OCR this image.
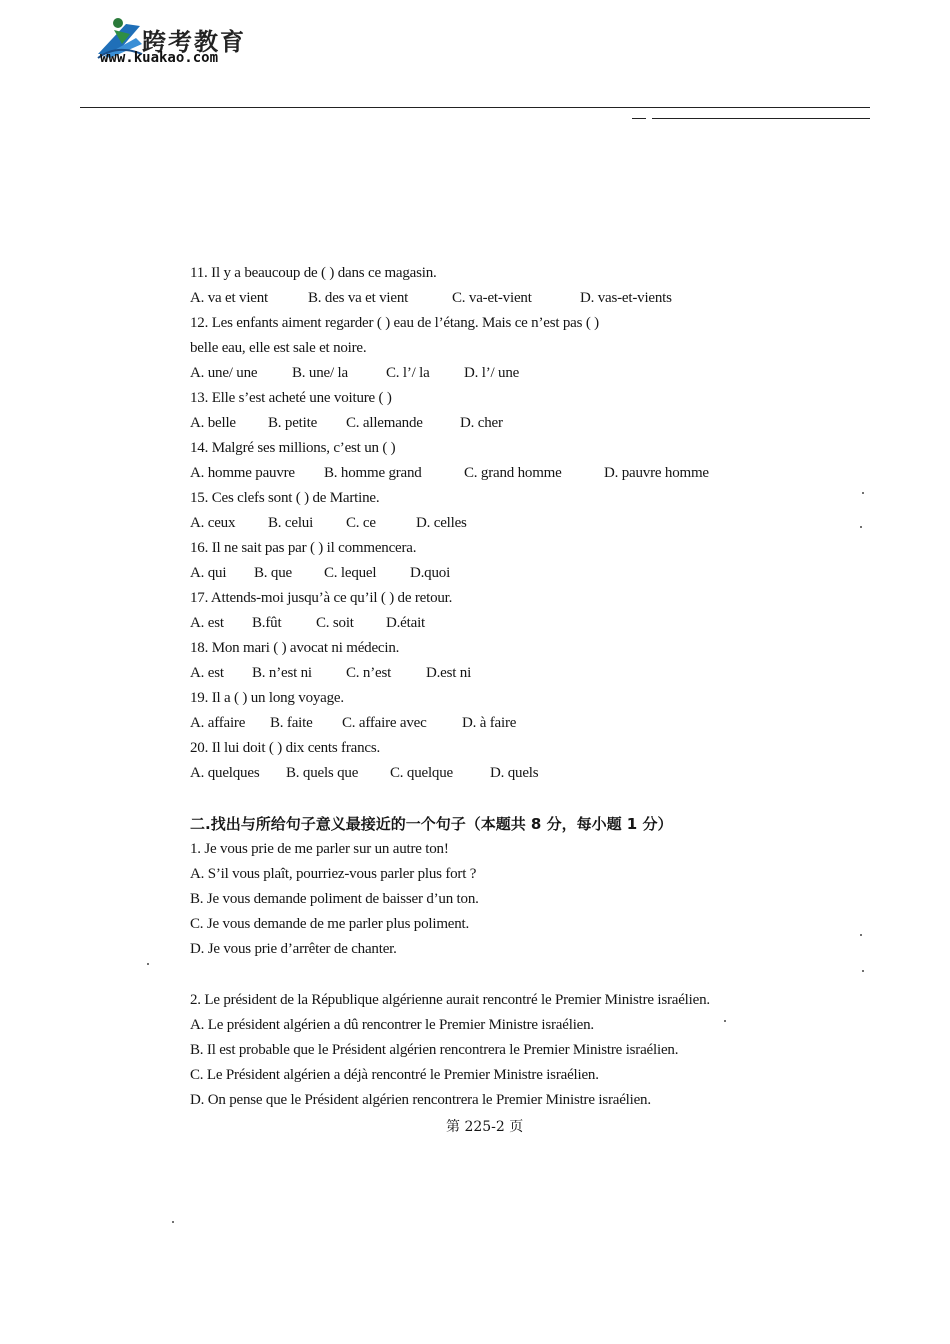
跨考教育
www.kuakao.com
11. Il y a beaucoup de ( ) dans ce magasin.
A. va et vient	B. des va et vient	C. va-et-vient	D. vas-et-vients
12. Les enfants aiment regarder ( ) eau de l’étang. Mais ce n’est pas ( )
belle eau, elle est sale et noire.
A. une/ une B. une/ la	C. l’/ la D. l’/ une
13. Elle s’est acheté une voiture ( )
A. belle B. petite C. allemande D. cher
14. Malgré ses millions, c’est un ( )
A. homme pauvre B. homme grand	C. grand homme	D. pauvre homme
15. Ces clefs sont ( ) de Martine.
A. ceux B. celui C. ce	D. celles
16. Il ne sait pas par ( ) il commencera.
A. qui B. que C. lequel D.quoi
17. Attends-moi jusqu’à ce qu’il ( ) de retour.
A. est B.fût C. soit D.était
18. Mon mari ( ) avocat ni médecin.
A. est B. n’est ni C. n’est D.est ni
19. Il a ( ) un long voyage.
A. affaire B. faite C. affaire avec D. à faire
20. Il lui doit ( ) dix cents francs.
A. quelques B. quels que C. quelque D. quels
二.找出与所给句子意义最接近的一个句子（本题共 8 分，每小题 1 分）
1. Je vous prie de me parler sur un autre ton!
A. S’il vous plaît, pourriez-vous parler plus fort ?
B. Je vous demande poliment de baisser d’un ton.
C. Je vous demande de me parler plus poliment.
D. Je vous prie d’arrêter de chanter.
2. Le président de la République algérienne aurait rencontré le Premier Ministre israélien.
A. Le président algérien a dû rencontrer le Premier Ministre israélien.
B. Il est probable que le Président algérien rencontrera le Premier Ministre israélien.
C. Le Président algérien a déjà rencontré le Premier Ministre israélien.
D. On pense que le Président algérien rencontrera le Premier Ministre israélien.
第 225-2 页
